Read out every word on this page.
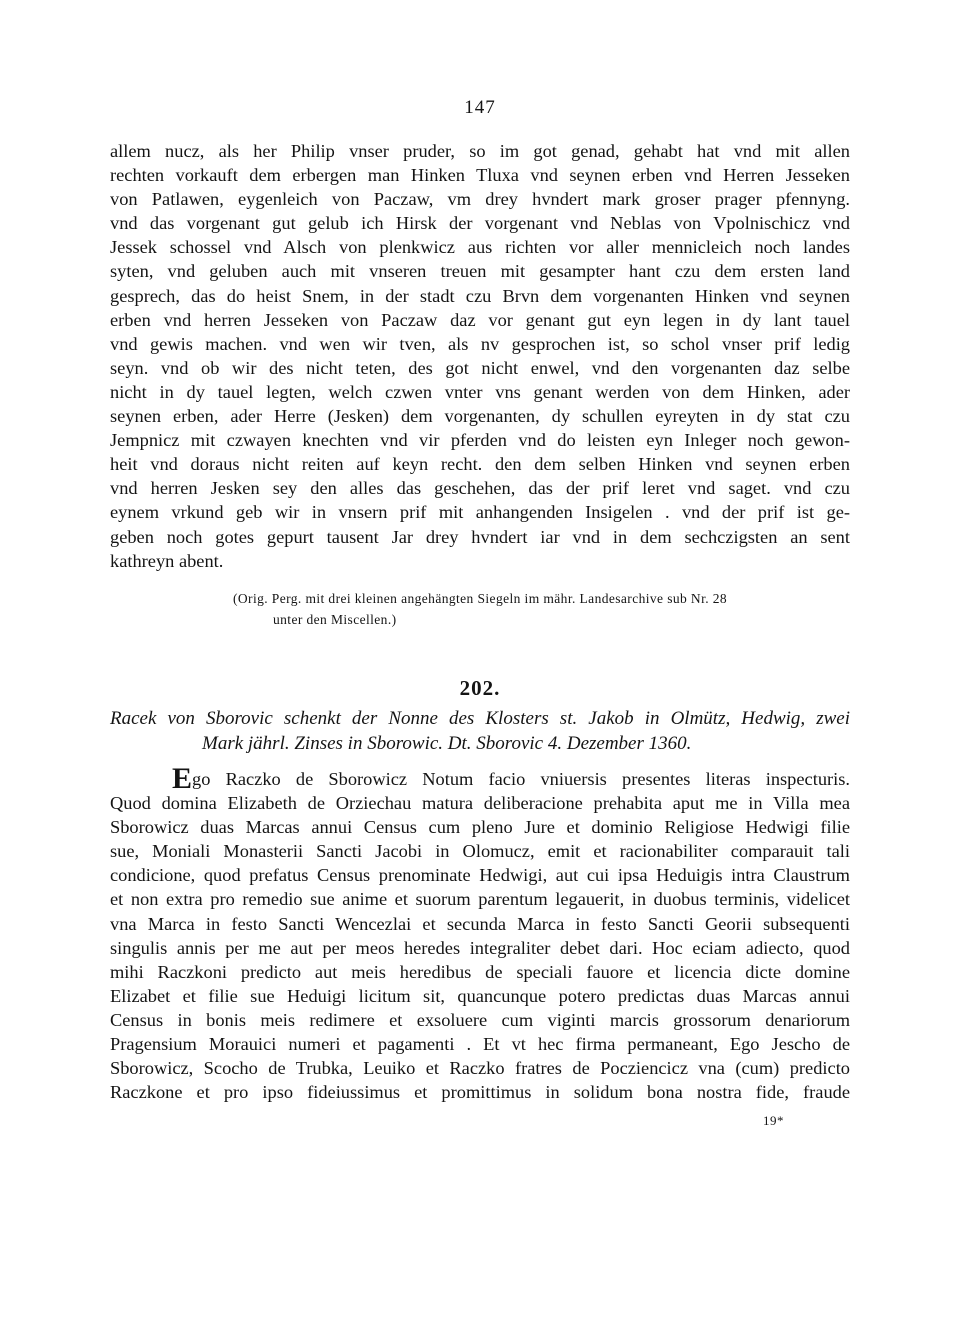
147
allem nucz, als her Philip vnser pruder, so im got genad, gehabt hat vnd mit allen
rechten vorkauft dem erbergen man Hinken Tluxa vnd seynen erben vnd Herren Jesseken
von Patlawen, eygenleich von Paczaw, vm drey hvndert mark groser prager pfennyng.
vnd das vorgenant gut gelub ich Hirsk der vorgenant vnd Neblas von Vpolnischicz vnd
Jessek schossel vnd Alsch von plenkwicz aus richten vor aller mennicleich noch landes
syten, vnd geluben auch mit vnseren treuen mit gesampter hant czu dem ersten land
gesprech, das do heist Snem, in der stadt czu Brvn dem vorgenanten Hinken vnd seynen
erben vnd herren Jesseken von Paczaw daz vor genant gut eyn legen in dy lant tauel
vnd gewis machen. vnd wen wir tven, als nv gesprochen ist, so schol vnser prif ledig
seyn. vnd ob wir des nicht teten, des got nicht enwel, vnd den vorgenanten daz selbe
nicht in dy tauel legten, welch czwen vnter vns genant werden von dem Hinken, ader
seynen erben, ader Herre (Jesken) dem vorgenanten, dy schullen eyreyten in dy stat czu
Jempnicz mit czwayen knechten vnd vir pferden vnd do leisten eyn Inleger noch gewon-
heit vnd doraus nicht reiten auf keyn recht. den dem selben Hinken vnd seynen erben
vnd herren Jesken sey den alles das geschehen, das der prif leret vnd saget. vnd czu
eynem vrkund geb wir in vnsern prif mit anhangenden Insigelen . vnd der prif ist ge-
geben noch gotes gepurt tausent Jar drey hvndert iar vnd in dem sechczigsten an sent
kathreyn abent.
(Orig. Perg. mit drei kleinen angehängten Siegeln im mähr. Landesarchive sub Nr. 28
unter den Miscellen.)
202.
Racek von Sborovic schenkt der Nonne des Klosters st. Jakob in Olmütz, Hedwig, zwei
Mark jährl. Zinses in Sborowic. Dt. Sborovic 4. Dezember 1360.
Ego Raczko de Sborowicz Notum facio vniuersis presentes literas inspecturis.
Quod domina Elizabeth de Orziechau matura deliberacione prehabita aput me in Villa mea
Sborowicz duas Marcas annui Census cum pleno Jure et dominio Religiose Hedwigi filie
sue, Moniali Monasterii Sancti Jacobi in Olomucz, emit et racionabiliter comparauit tali
condicione, quod prefatus Census prenominate Hedwigi, aut cui ipsa Heduigis intra Claustrum
et non extra pro remedio sue anime et suorum parentum legauerit, in duobus terminis, videlicet
vna Marca in festo Sancti Wencezlai et secunda Marca in festo Sancti Georii subsequenti
singulis annis per me aut per meos heredes integraliter debet dari. Hoc eciam adiecto, quod
mihi Raczkoni predicto aut meis heredibus de speciali fauore et licencia dicte domine
Elizabet et filie sue Heduigi licitum sit, quancunque potero predictas duas Marcas annui
Census in bonis meis redimere et exsoluere cum viginti marcis grossorum denariorum
Pragensium Morauici numeri et pagamenti . Et vt hec firma permaneant, Ego Jescho de
Sborowicz, Scocho de Trubka, Leuiko et Raczko fratres de Pocziencicz vna (cum) predicto
Raczkone et pro ipso fideiussimus et promittimus in solidum bona nostra fide, fraude
19*
